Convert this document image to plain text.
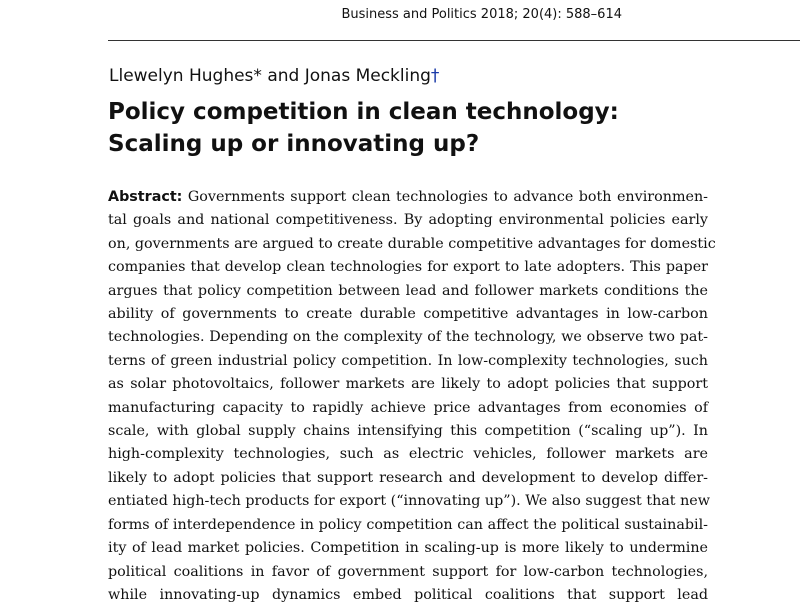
Business and Politics 2018; 20(4): 588–614
Llewelyn Hughes* and Jonas Meckling†
Policy competition in clean technology:
Scaling up or innovating up?
Abstract: Governments support clean technologies to advance both environmen-
tal goals and national competitiveness. By adopting environmental policies early
on, governments are argued to create durable competitive advantages for domestic
companies that develop clean technologies for export to late adopters. This paper
argues that policy competition between lead and follower markets conditions the
ability of governments to create durable competitive advantages in low-carbon
technologies. Depending on the complexity of the technology, we observe two pat-
terns of green industrial policy competition. In low-complexity technologies, such
as solar photovoltaics, follower markets are likely to adopt policies that support
manufacturing capacity to rapidly achieve price advantages from economies of
scale, with global supply chains intensifying this competition (“scaling up”). In
high-complexity technologies, such as electric vehicles, follower markets are
likely to adopt policies that support research and development to develop differ-
entiated high-tech products for export (“innovating up”). We also suggest that new
forms of interdependence in policy competition can affect the political sustainabil-
ity of lead market policies. Competition in scaling-up is more likely to undermine
political coalitions in favor of government support for low-carbon technologies,
while innovating-up dynamics embed political coalitions that support lead
